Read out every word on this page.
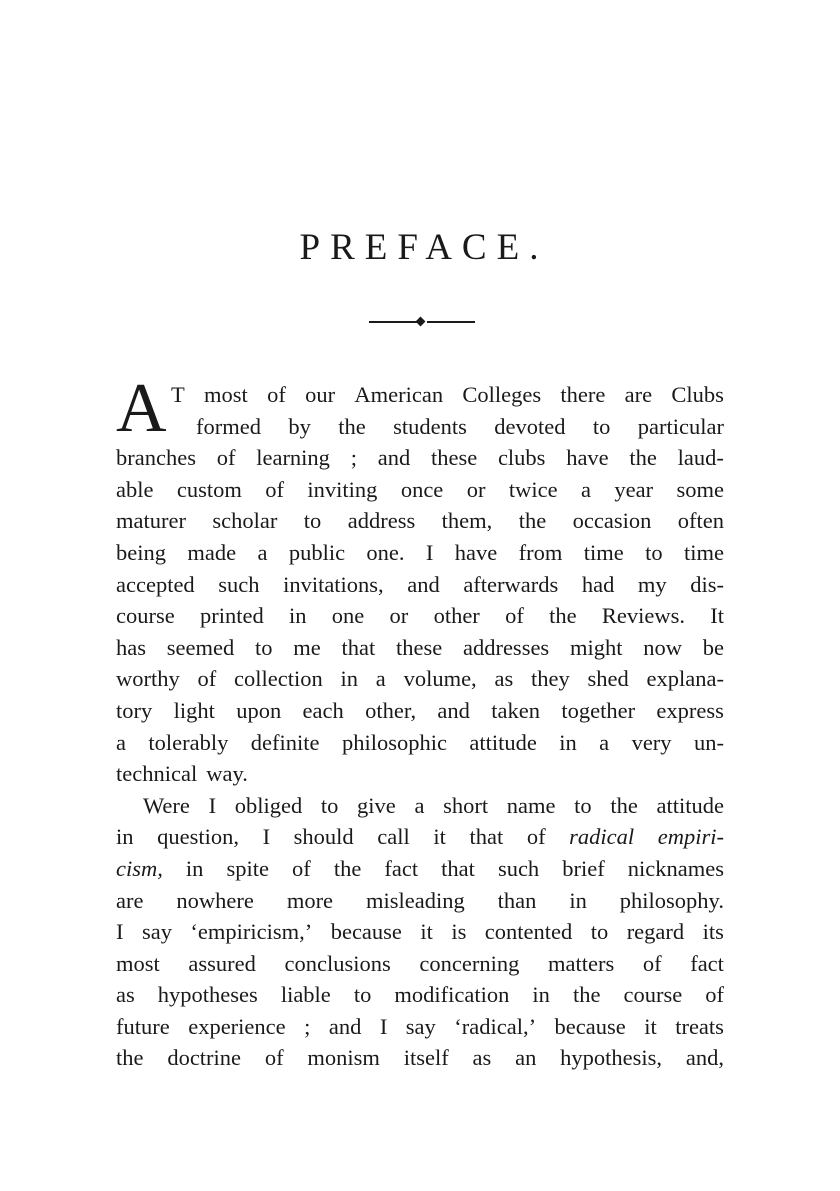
PREFACE.
A T most of our American Colleges there are Clubs
formed by the students devoted to particular
branches of learning ; and these clubs have the laud-
able custom of inviting once or twice a year some
maturer scholar to address them, the occasion often
being made a public one. I have from time to time
accepted such invitations, and afterwards had my dis-
course printed in one or other of the Reviews. It
has seemed to me that these addresses might now be
worthy of collection in a volume, as they shed explana-
tory light upon each other, and taken together express
a tolerably definite philosophic attitude in a very un-
technical way.
Were I obliged to give a short name to the attitude
in question, I should call it that of radical empiri-
cism, in spite of the fact that such brief nicknames
are nowhere more misleading than in philosophy.
I say ‘empiricism,’ because it is contented to regard its
most assured conclusions concerning matters of fact
as hypotheses liable to modification in the course of
future experience ; and I say ‘radical,’ because it treats
the doctrine of monism itself as an hypothesis, and,
